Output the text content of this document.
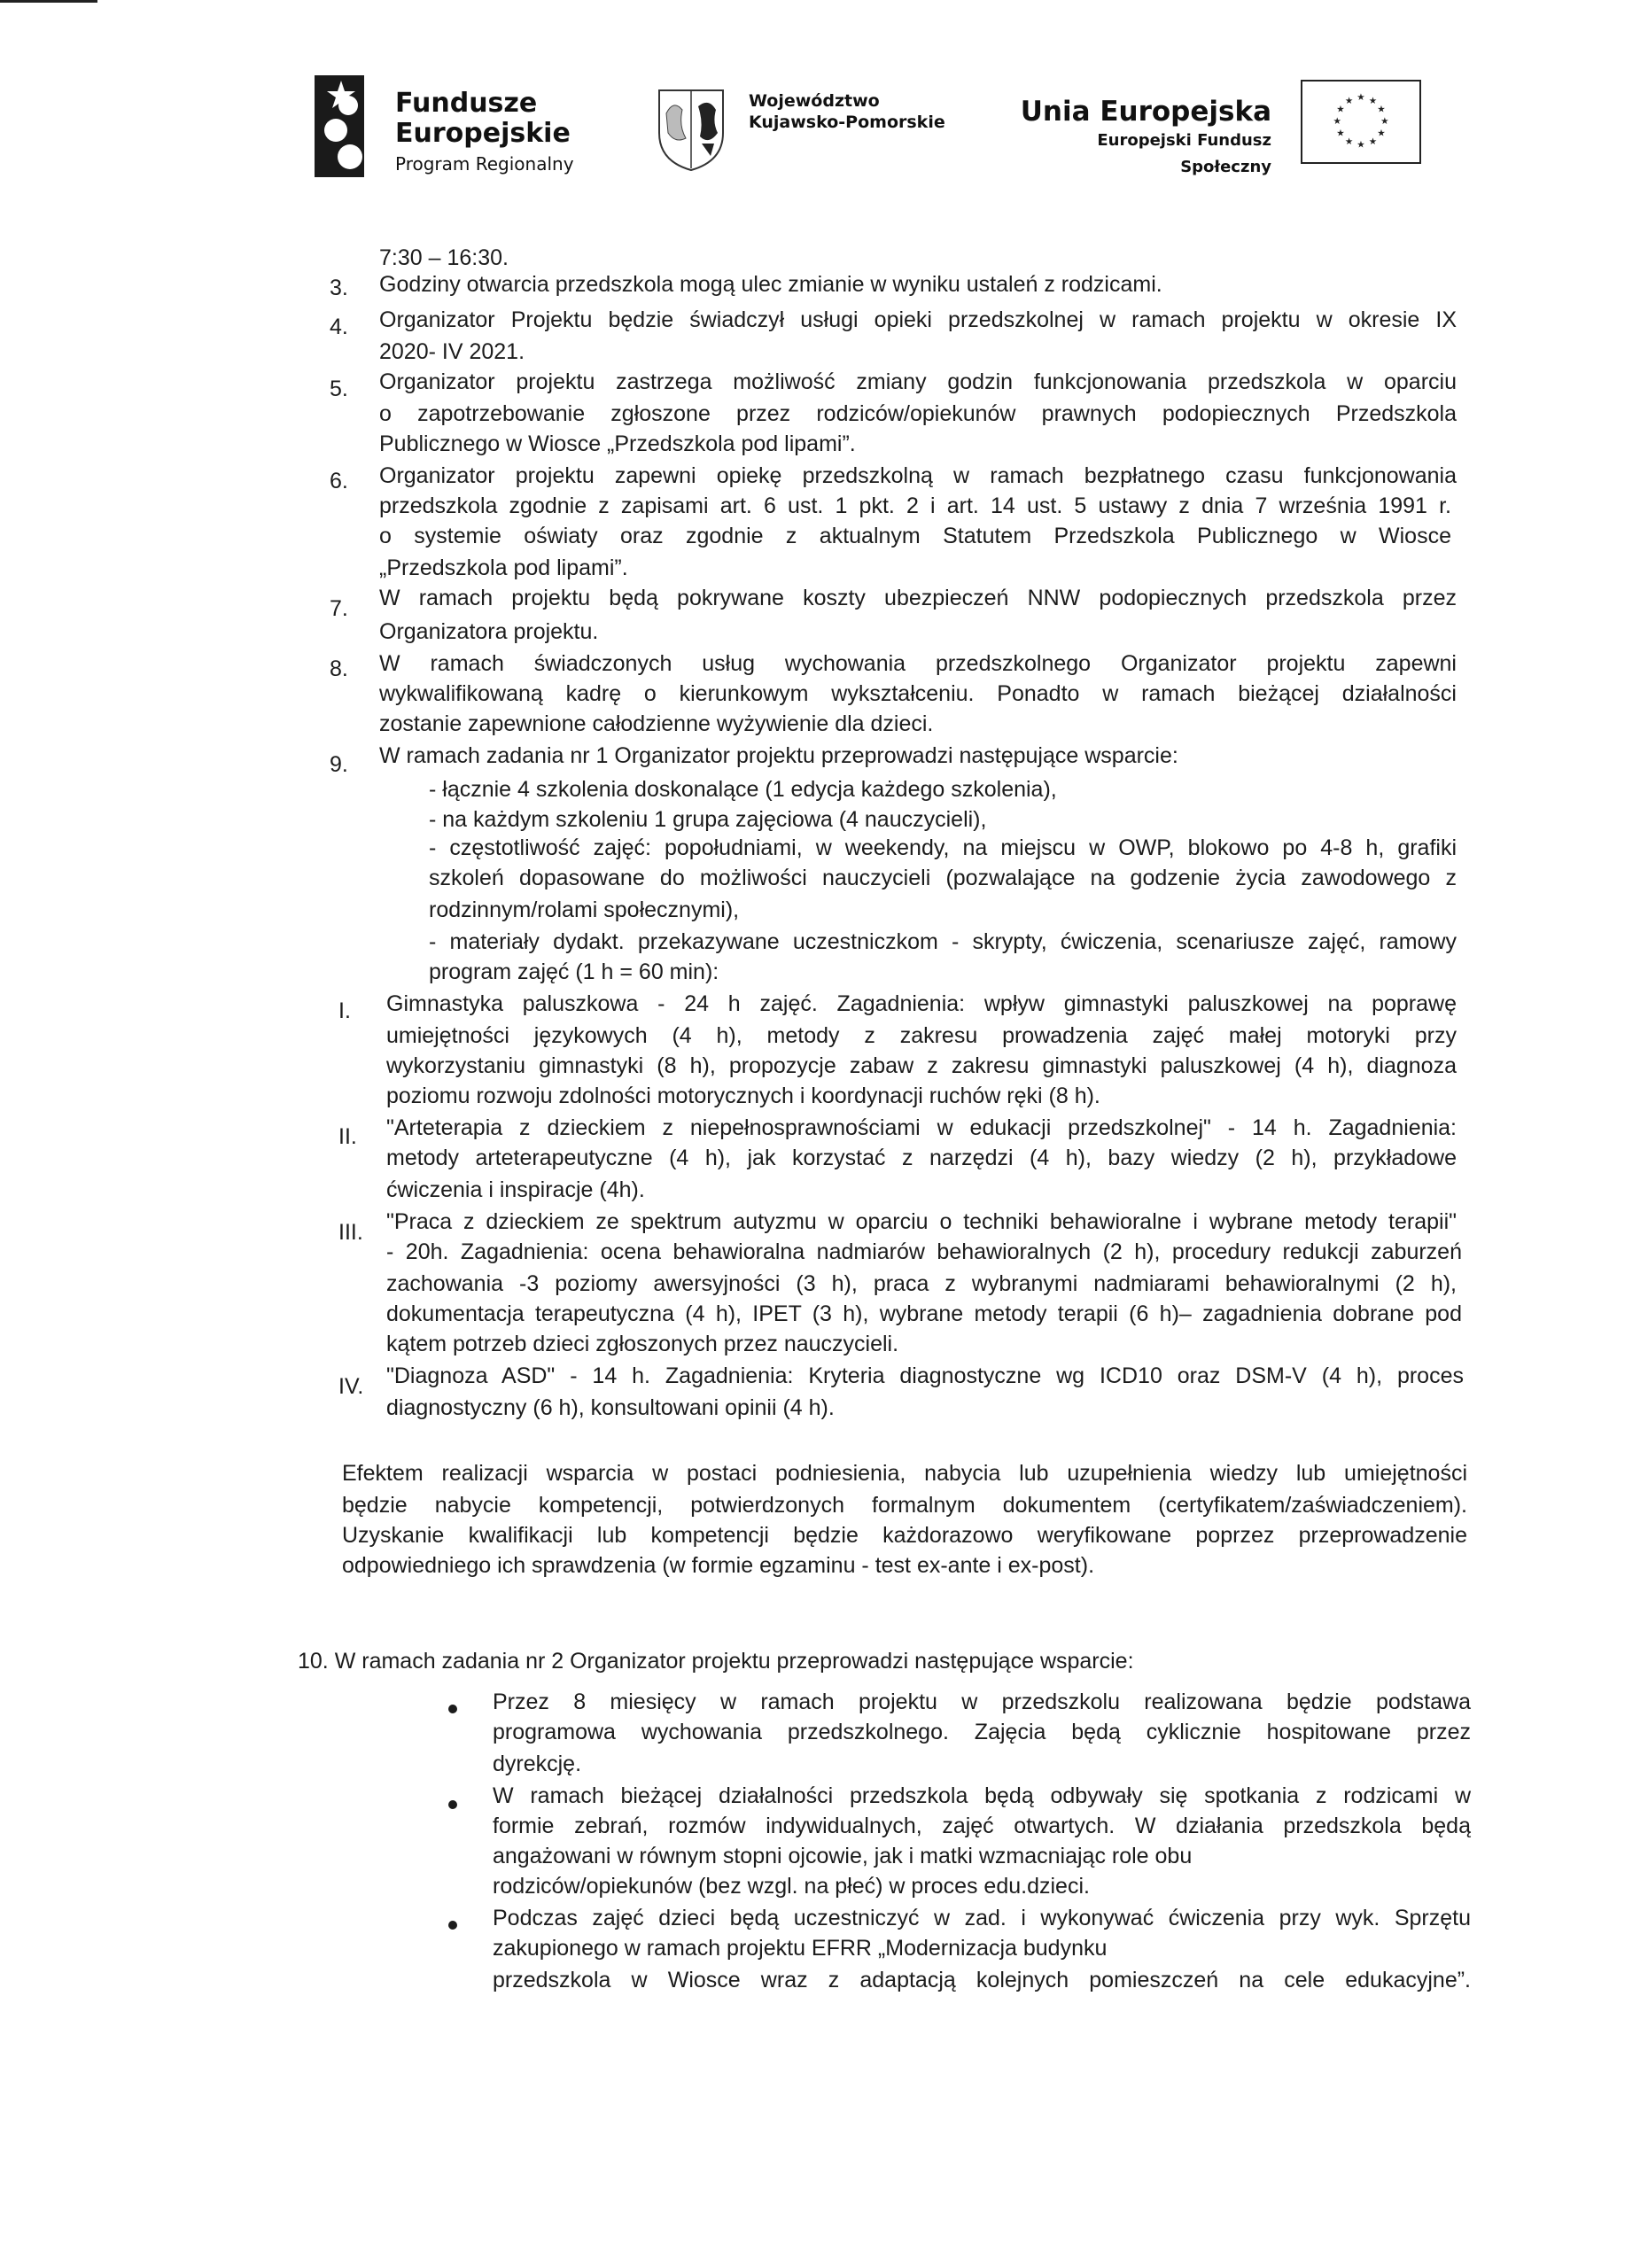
Fundusze
Europejskie
Program Regionalny
Województwo
Kujawsko-Pomorskie	Unia Europejska
Europejski Fundusz Społeczny
★ ★
★
★
★
★
★
★
★
★
★
★
7:30 – 16:30.
3. Godziny otwarcia przedszkola mogą ulec zmianie w wyniku ustaleń z rodzicami.
4. Organizator Projektu będzie świadczył usługi opieki przedszkolnej w ramach projektu w okresie IX
2020- IV 2021.
5. Organizator projektu zastrzega możliwość zmiany godzin funkcjonowania przedszkola w oparciu
o zapotrzebowanie zgłoszone przez rodziców/opiekunów prawnych podopiecznych Przedszkola
Publicznego w Wiosce „Przedszkola pod lipami”.
6. Organizator projektu zapewni opiekę przedszkolną w ramach bezpłatnego czasu funkcjonowania
przedszkola zgodnie z zapisami art. 6 ust. 1 pkt. 2 i art. 14 ust. 5 ustawy z dnia 7 września 1991 r.
o systemie oświaty oraz zgodnie z aktualnym Statutem Przedszkola Publicznego w Wiosce
„Przedszkola pod lipami”.
7. W ramach projektu będą pokrywane koszty ubezpieczeń NNW podopiecznych przedszkola przez
Organizatora projektu.
8. W ramach świadczonych usług wychowania przedszkolnego Organizator projektu zapewni
wykwalifikowaną kadrę o kierunkowym wykształceniu. Ponadto w ramach bieżącej działalności
zostanie zapewnione całodzienne wyżywienie dla dzieci.
9. W ramach zadania nr 1 Organizator projektu przeprowadzi następujące wsparcie:
- łącznie 4 szkolenia doskonalące (1 edycja każdego szkolenia),
- na każdym szkoleniu 1 grupa zajęciowa (4 nauczycieli),
- częstotliwość zajęć: popołudniami, w weekendy, na miejscu w OWP, blokowo po 4-8 h, grafiki
szkoleń dopasowane do możliwości nauczycieli (pozwalające na godzenie życia zawodowego z
rodzinnym/rolami społecznymi),
- materiały dydakt. przekazywane uczestniczkom - skrypty, ćwiczenia, scenariusze zajęć, ramowy
program zajęć (1 h = 60 min):
I. Gimnastyka paluszkowa - 24 h zajęć. Zagadnienia: wpływ gimnastyki paluszkowej na poprawę
umiejętności językowych (4 h), metody z zakresu prowadzenia zajęć małej motoryki przy
wykorzystaniu gimnastyki (8 h), propozycje zabaw z zakresu gimnastyki paluszkowej (4 h), diagnoza
poziomu rozwoju zdolności motorycznych i koordynacji ruchów ręki (8 h).
II. "Arteterapia z dzieckiem z niepełnosprawnościami w edukacji przedszkolnej" - 14 h. Zagadnienia:
metody arteterapeutyczne (4 h), jak korzystać z narzędzi (4 h), bazy wiedzy (2 h), przykładowe
ćwiczenia i inspiracje (4h).
III. "Praca z dzieckiem ze spektrum autyzmu w oparciu o techniki behawioralne i wybrane metody terapii"
- 20h. Zagadnienia: ocena behawioralna nadmiarów behawioralnych (2 h), procedury redukcji zaburzeń
zachowania -3 poziomy awersyjności (3 h), praca z wybranymi nadmiarami behawioralnymi (2 h),
dokumentacja terapeutyczna (4 h), IPET (3 h), wybrane metody terapii (6 h)– zagadnienia dobrane pod
kątem potrzeb dzieci zgłoszonych przez nauczycieli.
IV. "Diagnoza ASD" - 14 h. Zagadnienia: Kryteria diagnostyczne wg ICD10 oraz DSM-V (4 h), proces
diagnostyczny (6 h), konsultowani opinii (4 h).
Efektem realizacji wsparcia w postaci podniesienia, nabycia lub uzupełnienia wiedzy lub umiejętności
będzie nabycie kompetencji, potwierdzonych formalnym dokumentem (certyfikatem/zaświadczeniem).
Uzyskanie kwalifikacji lub kompetencji będzie każdorazowo weryfikowane poprzez przeprowadzenie
odpowiedniego ich sprawdzenia (w formie egzaminu - test ex-ante i ex-post).
10. W ramach zadania nr 2 Organizator projektu przeprowadzi następujące wsparcie:
Przez 8 miesięcy w ramach projektu w przedszkolu realizowana będzie podstawa
programowa wychowania przedszkolnego. Zajęcia będą cyklicznie hospitowane przez
dyrekcję.
W ramach bieżącej działalności przedszkola będą odbywały się spotkania z rodzicami w
formie zebrań, rozmów indywidualnych, zajęć otwartych. W działania przedszkola będą
angażowani w równym stopni ojcowie, jak i matki wzmacniając role obu
rodziców/opiekunów (bez wzgl. na płeć) w proces edu.dzieci.
Podczas zajęć dzieci będą uczestniczyć w zad. i wykonywać ćwiczenia przy wyk. Sprzętu
zakupionego w ramach projektu EFRR „Modernizacja budynku
przedszkola w Wiosce wraz z adaptacją kolejnych pomieszczeń na cele edukacyjne”.
